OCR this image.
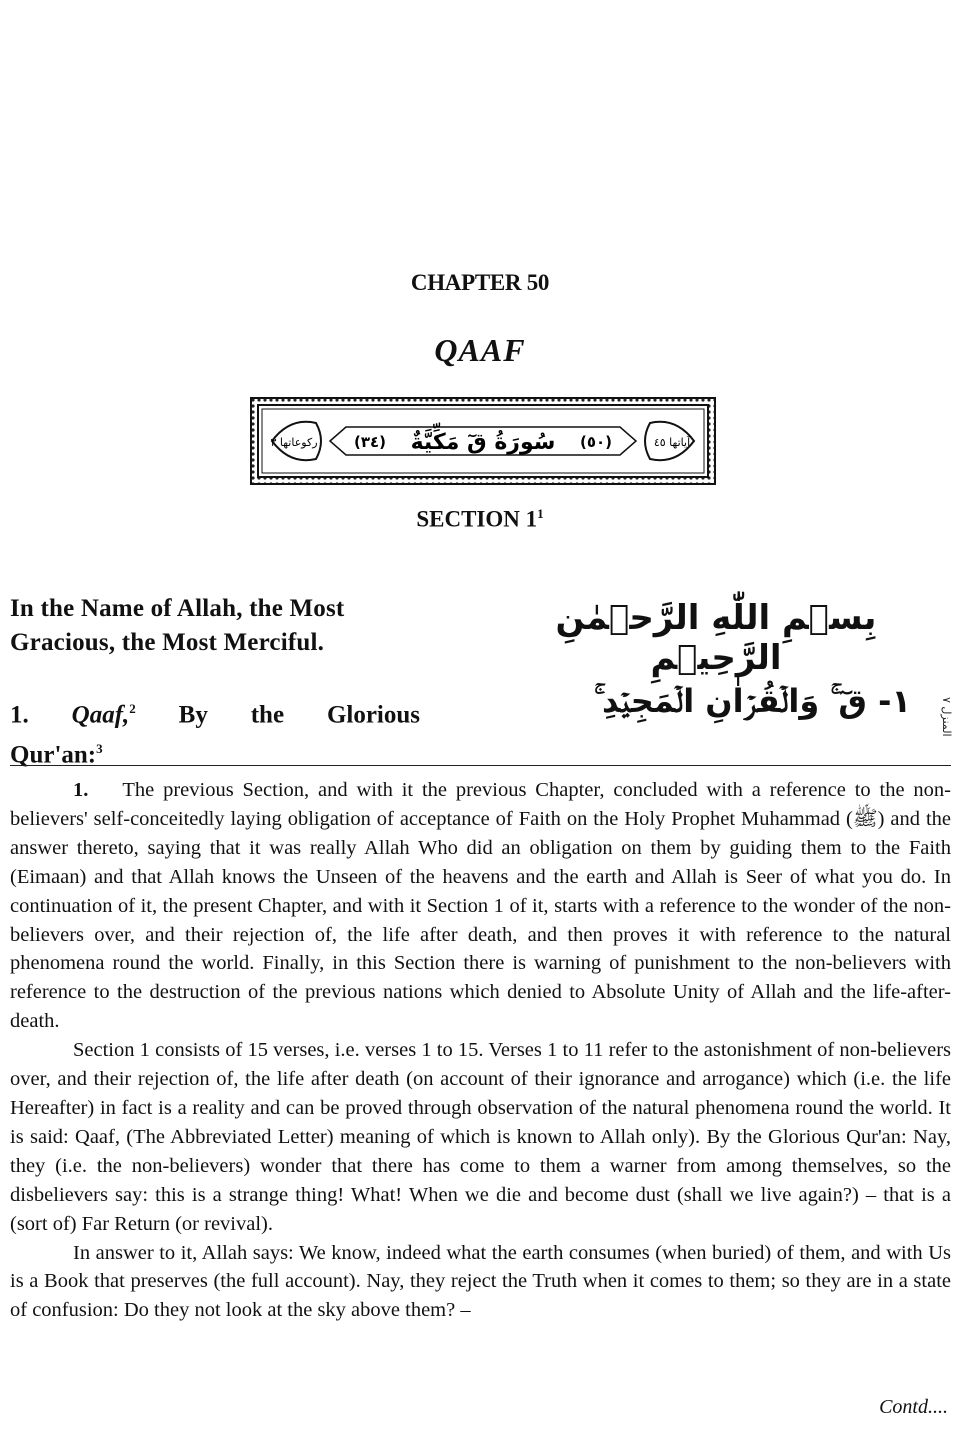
CHAPTER 50
QAAF
رکوعاتها ۳ (٣٤) سُورَةُ قٓ مَكِّيَّةٌ (٥٠)	آياتها ٤٥
SECTION $1^1$
In the Name of Allah, the Most Gracious, the Most Merciful.
بِسۡمِ اللّٰهِ الرَّحۡمٰنِ الرَّحِيۡمِ
1. Qaaf,$^2$ By the Glorious
Qur'an:$^3$
١- قٓ ۚ وَالۡقُرۡاٰنِ الۡمَجِيۡدِ ۚ	المنزل ٧

1. The previous Section, and with it the previous Chapter, concluded with a reference to the non-believers' self-conceitedly laying obligation of acceptance of Faith on the Holy Prophet Muhammad (ﷺ) and the answer thereto, saying that it was really Allah Who did an obligation on them by guiding them to the Faith (Eimaan) and that Allah knows the Unseen of the heavens and the earth and Allah is Seer of what you do. In continuation of it, the present Chapter, and with it Section 1 of it, starts with a reference to the wonder of the non-believers over, and their rejection of, the life after death, and then proves it with reference to the natural phenomena round the world. Finally, in this Section there is warning of punishment to the non-believers with reference to the destruction of the previous nations which denied to Absolute Unity of Allah and the life-after-death.

Section 1 consists of 15 verses, i.e. verses 1 to 15. Verses 1 to 11 refer to the astonishment of non-believers over, and their rejection of, the life after death (on account of their ignorance and arrogance) which (i.e. the life Hereafter) in fact is a reality and can be proved through observation of the natural phenomena round the world. It is said: Qaaf, (The Abbreviated Letter) meaning of which is known to Allah only). By the Glorious Qur'an: Nay, they (i.e. the non-believers) wonder that there has come to them a warner from among themselves, so the disbelievers say: this is a strange thing! What! When we die and become dust (shall we live again?) – that is a (sort of) Far Return (or revival).

In answer to it, Allah says: We know, indeed what the earth consumes (when buried) of them, and with Us is a Book that preserves (the full account). Nay, they reject the Truth when it comes to them; so they are in a state of confusion: Do they not look at the sky above them? –

Contd....
